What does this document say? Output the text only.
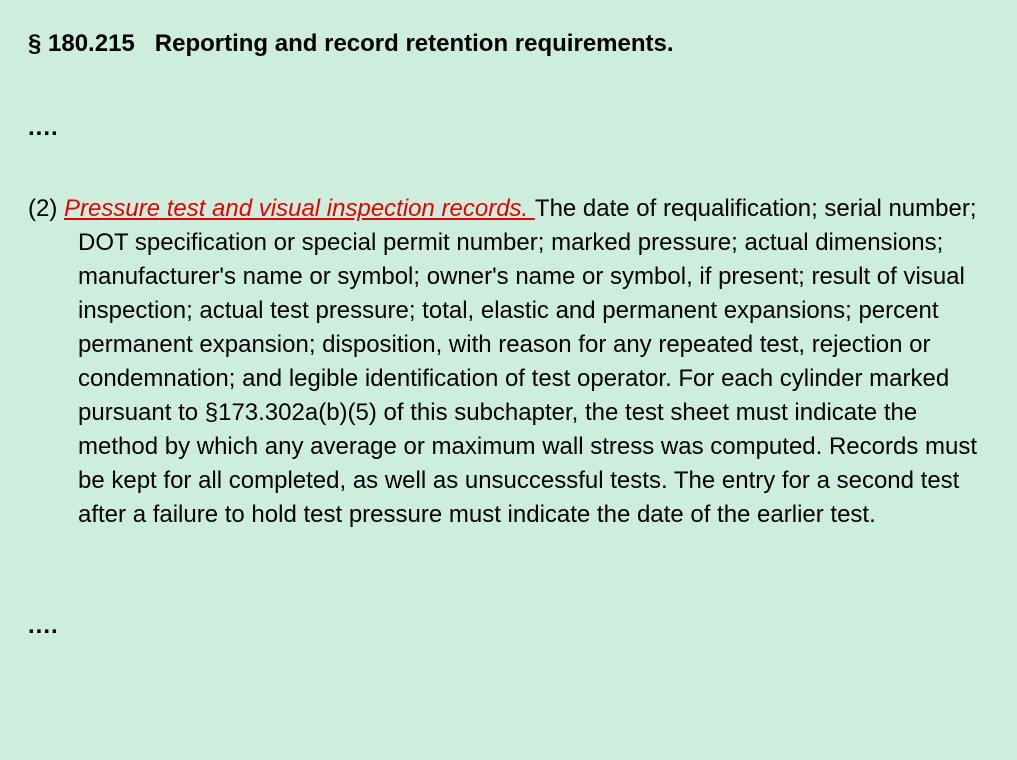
§ 180.215   Reporting and record retention requirements.

....

(2) Pressure test and visual inspection records. The date of requalification; serial number; DOT specification or special permit number; marked pressure; actual dimensions; manufacturer's name or symbol; owner's name or symbol, if present; result of visual inspection; actual test pressure; total, elastic and permanent expansions; percent permanent expansion; disposition, with reason for any repeated test, rejection or condemnation; and legible identification of test operator. For each cylinder marked pursuant to §173.302a(b)(5) of this subchapter, the test sheet must indicate the method by which any average or maximum wall stress was computed. Records must be kept for all completed, as well as unsuccessful tests. The entry for a second test after a failure to hold test pressure must indicate the date of the earlier test.

....
